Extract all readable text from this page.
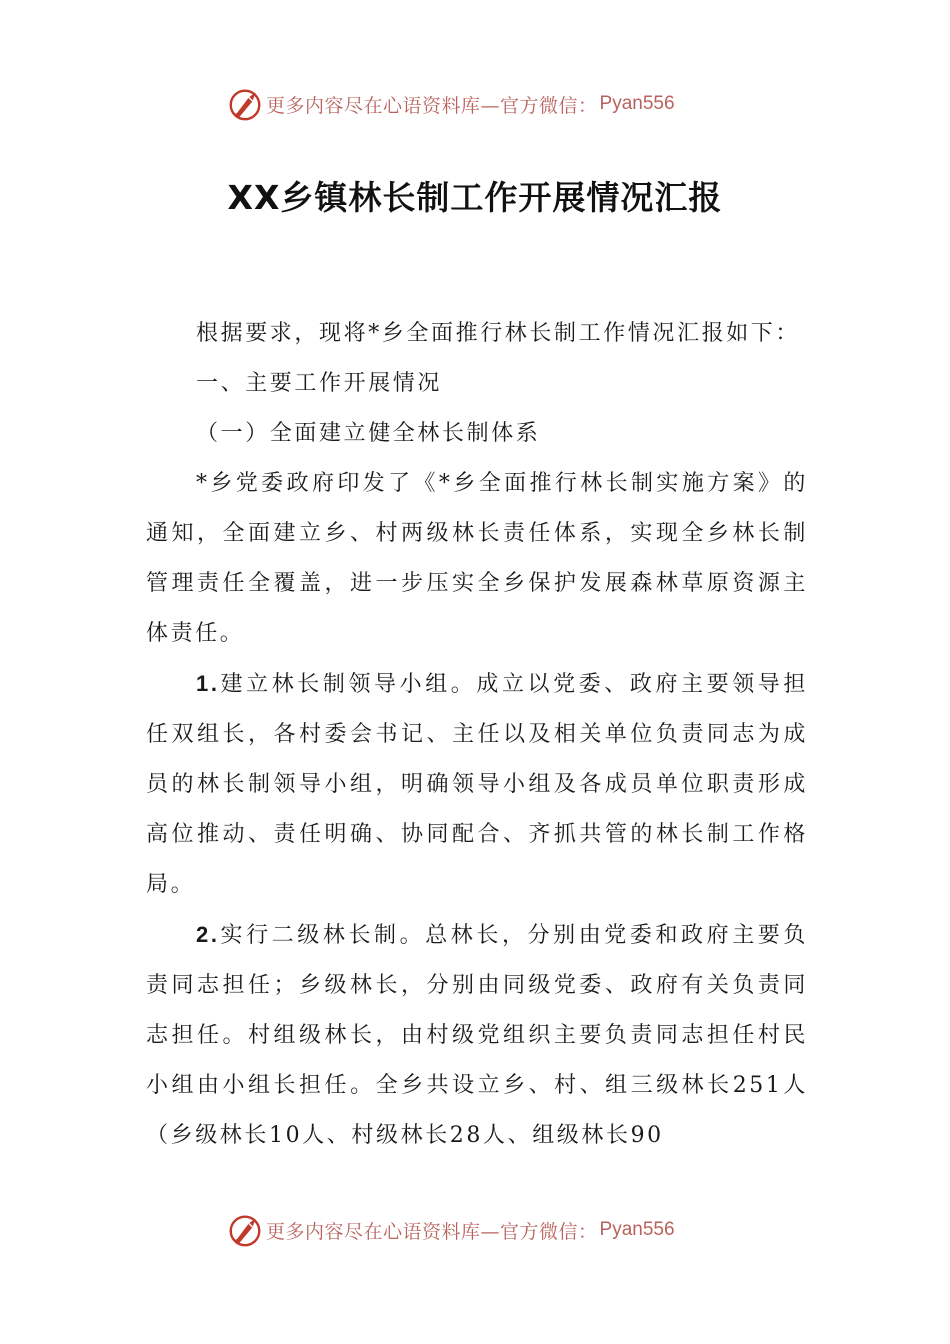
更多内容尽在心语资料库—官方微信： Pyan556
XX乡镇林长制工作开展情况汇报

根据要求，现将*乡全面推行林长制工作情况汇报如下：

一、主要工作开展情况

（一）全面建立健全林长制体系

*乡党委政府印发了《*乡全面推行林长制实施方案》的通知，全面建立乡、村两级林长责任体系，实现全乡林长制管理责任全覆盖，进一步压实全乡保护发展森林草原资源主体责任。

1.建立林长制领导小组。成立以党委、政府主要领导担任双组长，各村委会书记、主任以及相关单位负责同志为成员的林长制领导小组，明确领导小组及各成员单位职责形成高位推动、责任明确、协同配合、齐抓共管的林长制工作格局。

2.实行二级林长制。总林长，分别由党委和政府主要负责同志担任；乡级林长，分别由同级党委、政府有关负责同志担任。村组级林长，由村级党组织主要负责同志担任村民小组由小组长担任。全乡共设立乡、村、组三级林长251人（乡级林长10人、村级林长28人、组级林长90

更多内容尽在心语资料库—官方微信： Pyan556
